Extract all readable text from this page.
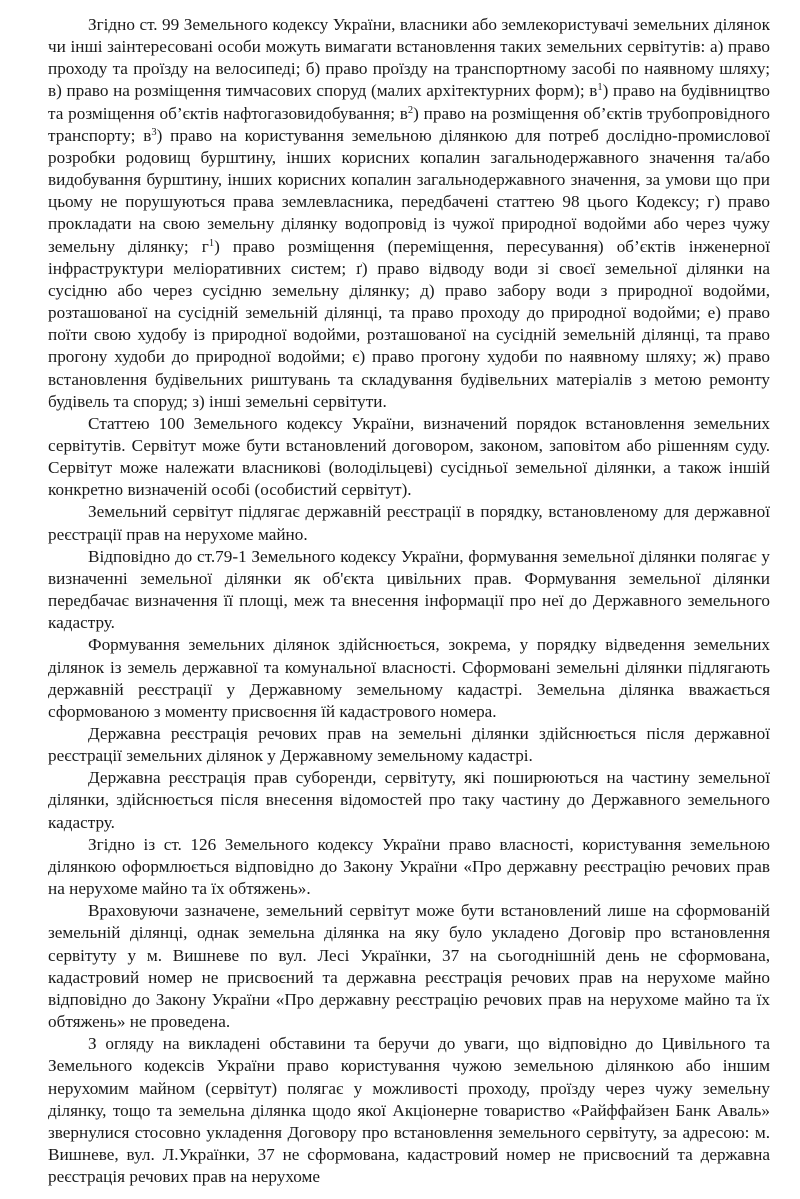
Згідно ст. 99 Земельного кодексу України, власники або землекористувачі земельних ділянок чи інші заінтересовані особи можуть вимагати встановлення таких земельних сервітутів: а) право проходу та проїзду на велосипеді; б) право проїзду на транспортному засобі по наявному шляху; в) право на розміщення тимчасових споруд (малих архітектурних форм); $в^1$) право на будівництво та розміщення об’єктів нафтогазовидобування; $в^2$) право на розміщення об’єктів трубопровідного транспорту; $в^3$) право на користування земельною ділянкою для потреб дослідно-промислової розробки родовищ бурштину, інших корисних копалин загальнодержавного значення та/або видобування бурштину, інших корисних копалин загальнодержавного значення, за умови що при цьому не порушуються права землевласника, передбачені статтею 98 цього Кодексу; г) право прокладати на свою земельну ділянку водопровід із чужої природної водойми або через чужу земельну ділянку; $г^1$) право розміщення (переміщення, пересування) об’єктів інженерної інфраструктури меліоративних систем; ґ) право відводу води зі своєї земельної ділянки на сусідню або через сусідню земельну ділянку; д) право забору води з природної водойми, розташованої на сусідній земельній ділянці, та право проходу до природної водойми; е) право поїти свою худобу із природної водойми, розташованої на сусідній земельній ділянці, та право прогону худоби до природної водойми; є) право прогону худоби по наявному шляху; ж) право встановлення будівельних риштувань та складування будівельних матеріалів з метою ремонту будівель та споруд; з) інші земельні сервітути.

Статтею 100 Земельного кодексу України, визначений порядок встановлення земельних сервітутів. Сервітут може бути встановлений договором, законом, заповітом або рішенням суду. Сервітут може належати власникові (володільцеві) сусідньої земельної ділянки, а також іншій конкретно визначеній особі (особистий сервітут).

Земельний сервітут підлягає державній реєстрації в порядку, встановленому для державної реєстрації прав на нерухоме майно.

Відповідно до ст.79-1 Земельного кодексу України, формування земельної ділянки полягає у визначенні земельної ділянки як об'єкта цивільних прав. Формування земельної ділянки передбачає визначення її площі, меж та внесення інформації про неї до Державного земельного кадастру.

Формування земельних ділянок здійснюється, зокрема, у порядку відведення земельних ділянок із земель державної та комунальної власності. Сформовані земельні ділянки підлягають державній реєстрації у Державному земельному кадастрі. Земельна ділянка вважається сформованою з моменту присвоєння їй кадастрового номера.

Державна реєстрація речових прав на земельні ділянки здійснюється після державної реєстрації земельних ділянок у Державному земельному кадастрі.

Державна реєстрація прав суборенди, сервітуту, які поширюються на частину земельної ділянки, здійснюється після внесення відомостей про таку частину до Державного земельного кадастру.

Згідно із ст. 126 Земельного кодексу України право власності, користування земельною ділянкою оформлюється відповідно до Закону України «Про державну реєстрацію речових прав на нерухоме майно та їх обтяжень».

Враховуючи зазначене, земельний сервітут може бути встановлений лише на сформованій земельній ділянці, однак земельна ділянка на яку було укладено Договір про встановлення сервітуту у м. Вишневе по вул. Лесі Українки, 37 на сьогоднішній день не сформована, кадастровий номер не присвоєний та державна реєстрація речових прав на нерухоме майно відповідно до Закону України «Про державну реєстрацію речових прав на нерухоме майно та їх обтяжень» не проведена.

З огляду на викладені обставини та беручи до уваги, що відповідно до Цивільного та Земельного кодексів України право користування чужою земельною ділянкою або іншим нерухомим майном (сервітут) полягає у можливості проходу, проїзду через чужу земельну ділянку, тощо та земельна ділянка щодо якої Акціонерне товариство «Райффайзен Банк Аваль» звернулися стосовно укладення Договору про встановлення земельного сервітуту, за адресою: м. Вишневе, вул. Л.Українки, 37 не сформована, кадастровий номер не присвоєний та державна реєстрація речових прав на нерухоме
